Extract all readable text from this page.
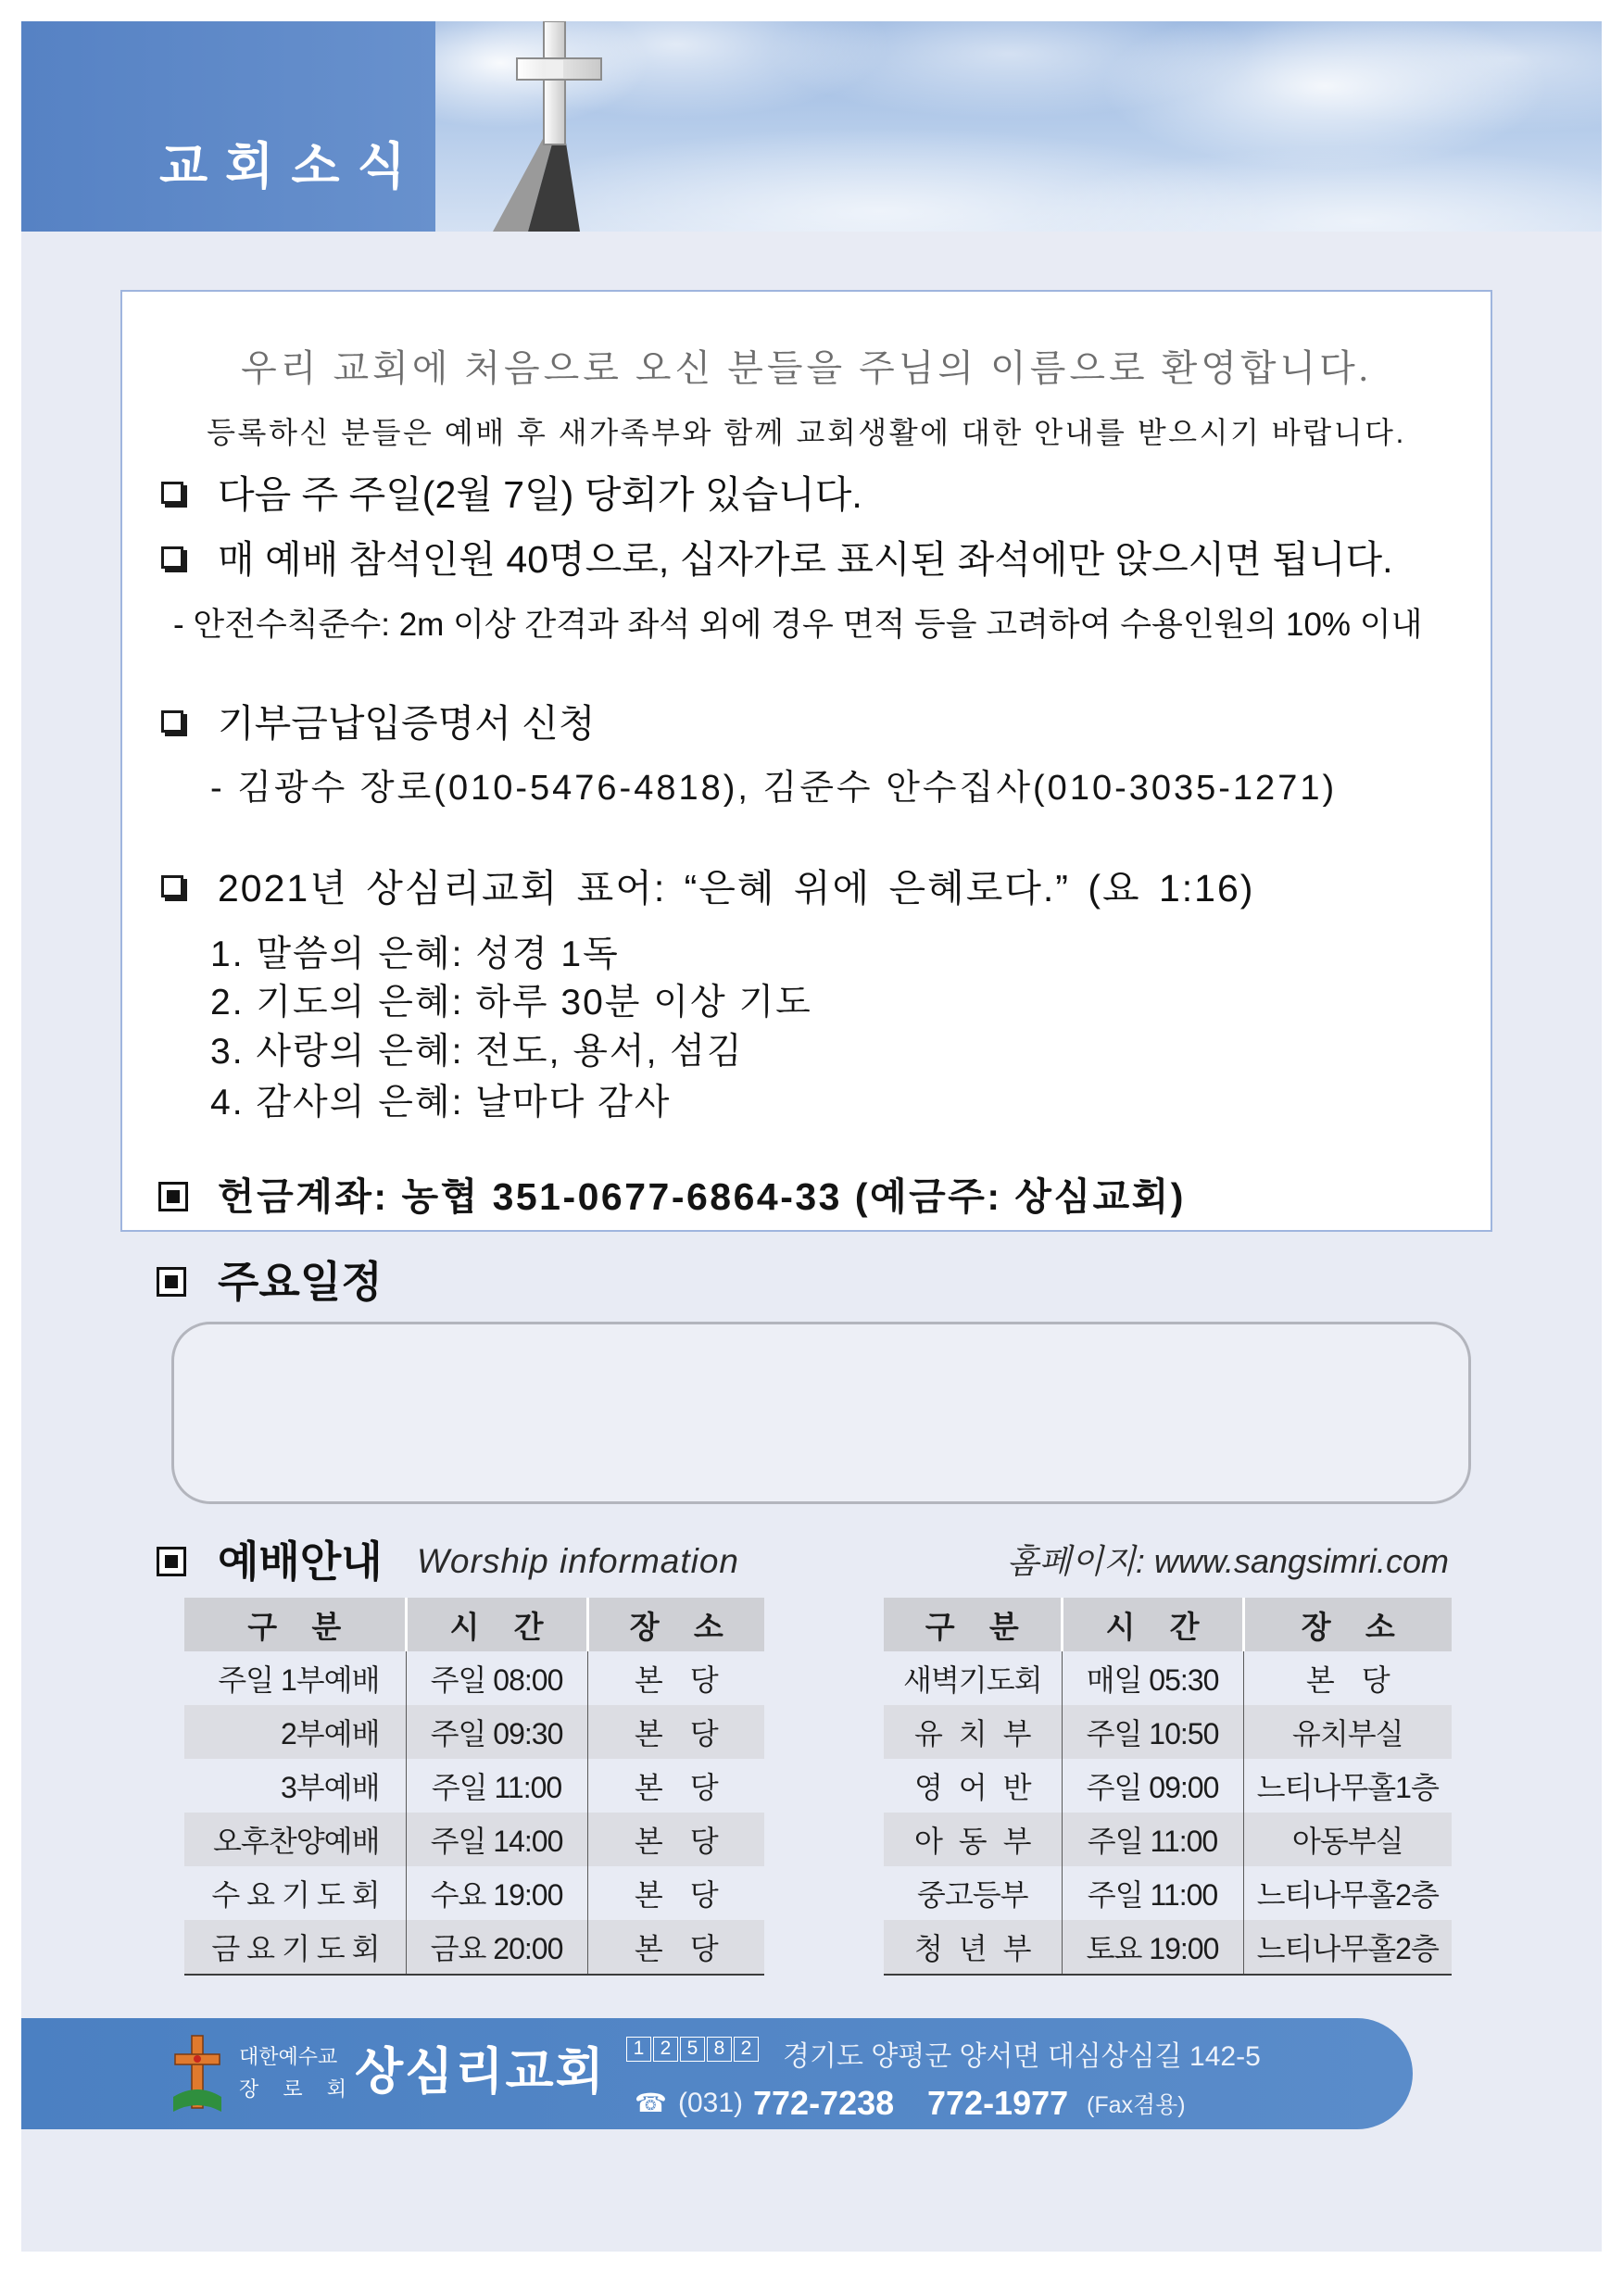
교 회 소 식
우리 교회에 처음으로 오신 분들을 주님의 이름으로 환영합니다.
등록하신 분들은 예배 후 새가족부와 함께 교회생활에 대한 안내를 받으시기 바랍니다.
다음 주 주일(2월 7일) 당회가 있습니다.
매 예배 참석인원 40명으로, 십자가로 표시된 좌석에만 앉으시면 됩니다.
- 안전수칙준수: 2m 이상 간격과 좌석 외에 경우 면적 등을 고려하여 수용인원의 10% 이내
기부금납입증명서 신청
- 김광수 장로(010-5476-4818), 김준수 안수집사(010-3035-1271)
2021년 상심리교회 표어: “은혜 위에 은혜로다.” (요 1:16)
1. 말씀의 은혜: 성경 1독
2. 기도의 은혜: 하루 30분 이상 기도
3. 사랑의 은혜: 전도, 용서, 섬김
4. 감사의 은혜: 날마다 감사
헌금계좌: 농협 351-0677-6864-33 (예금주: 상심교회)
주요일정
예배안내 Worship information	홈페이지: www.sangsimri.com
구 분	시 간	장 소
주일 1부예배	주일 08:00	본 당
2부예배	주일 09:30	본 당
3부예배	주일 11:00	본 당
오후찬양예배	주일 14:00	본 당
수 요 기 도 회	수요 19:00	본 당
금 요 기 도 회	금요 20:00	본 당
구 분	시 간	장 소
새벽기도회	매일 05:30	본 당
유 치 부	주일 10:50	유치부실
영 어 반	주일 09:00	느티나무홀1층
아 동 부	주일 11:00	아동부실
중고등부	주일 11:00	느티나무홀2층
청 년 부	토요 19:00	느티나무홀2층
대한예수교
장 로 회 상심리교회	1 2 5 8 2 경기도 양평군 양서면 대심상심길 142-5
☎
(031) 772-7238 772-1977 (Fax겸용)
